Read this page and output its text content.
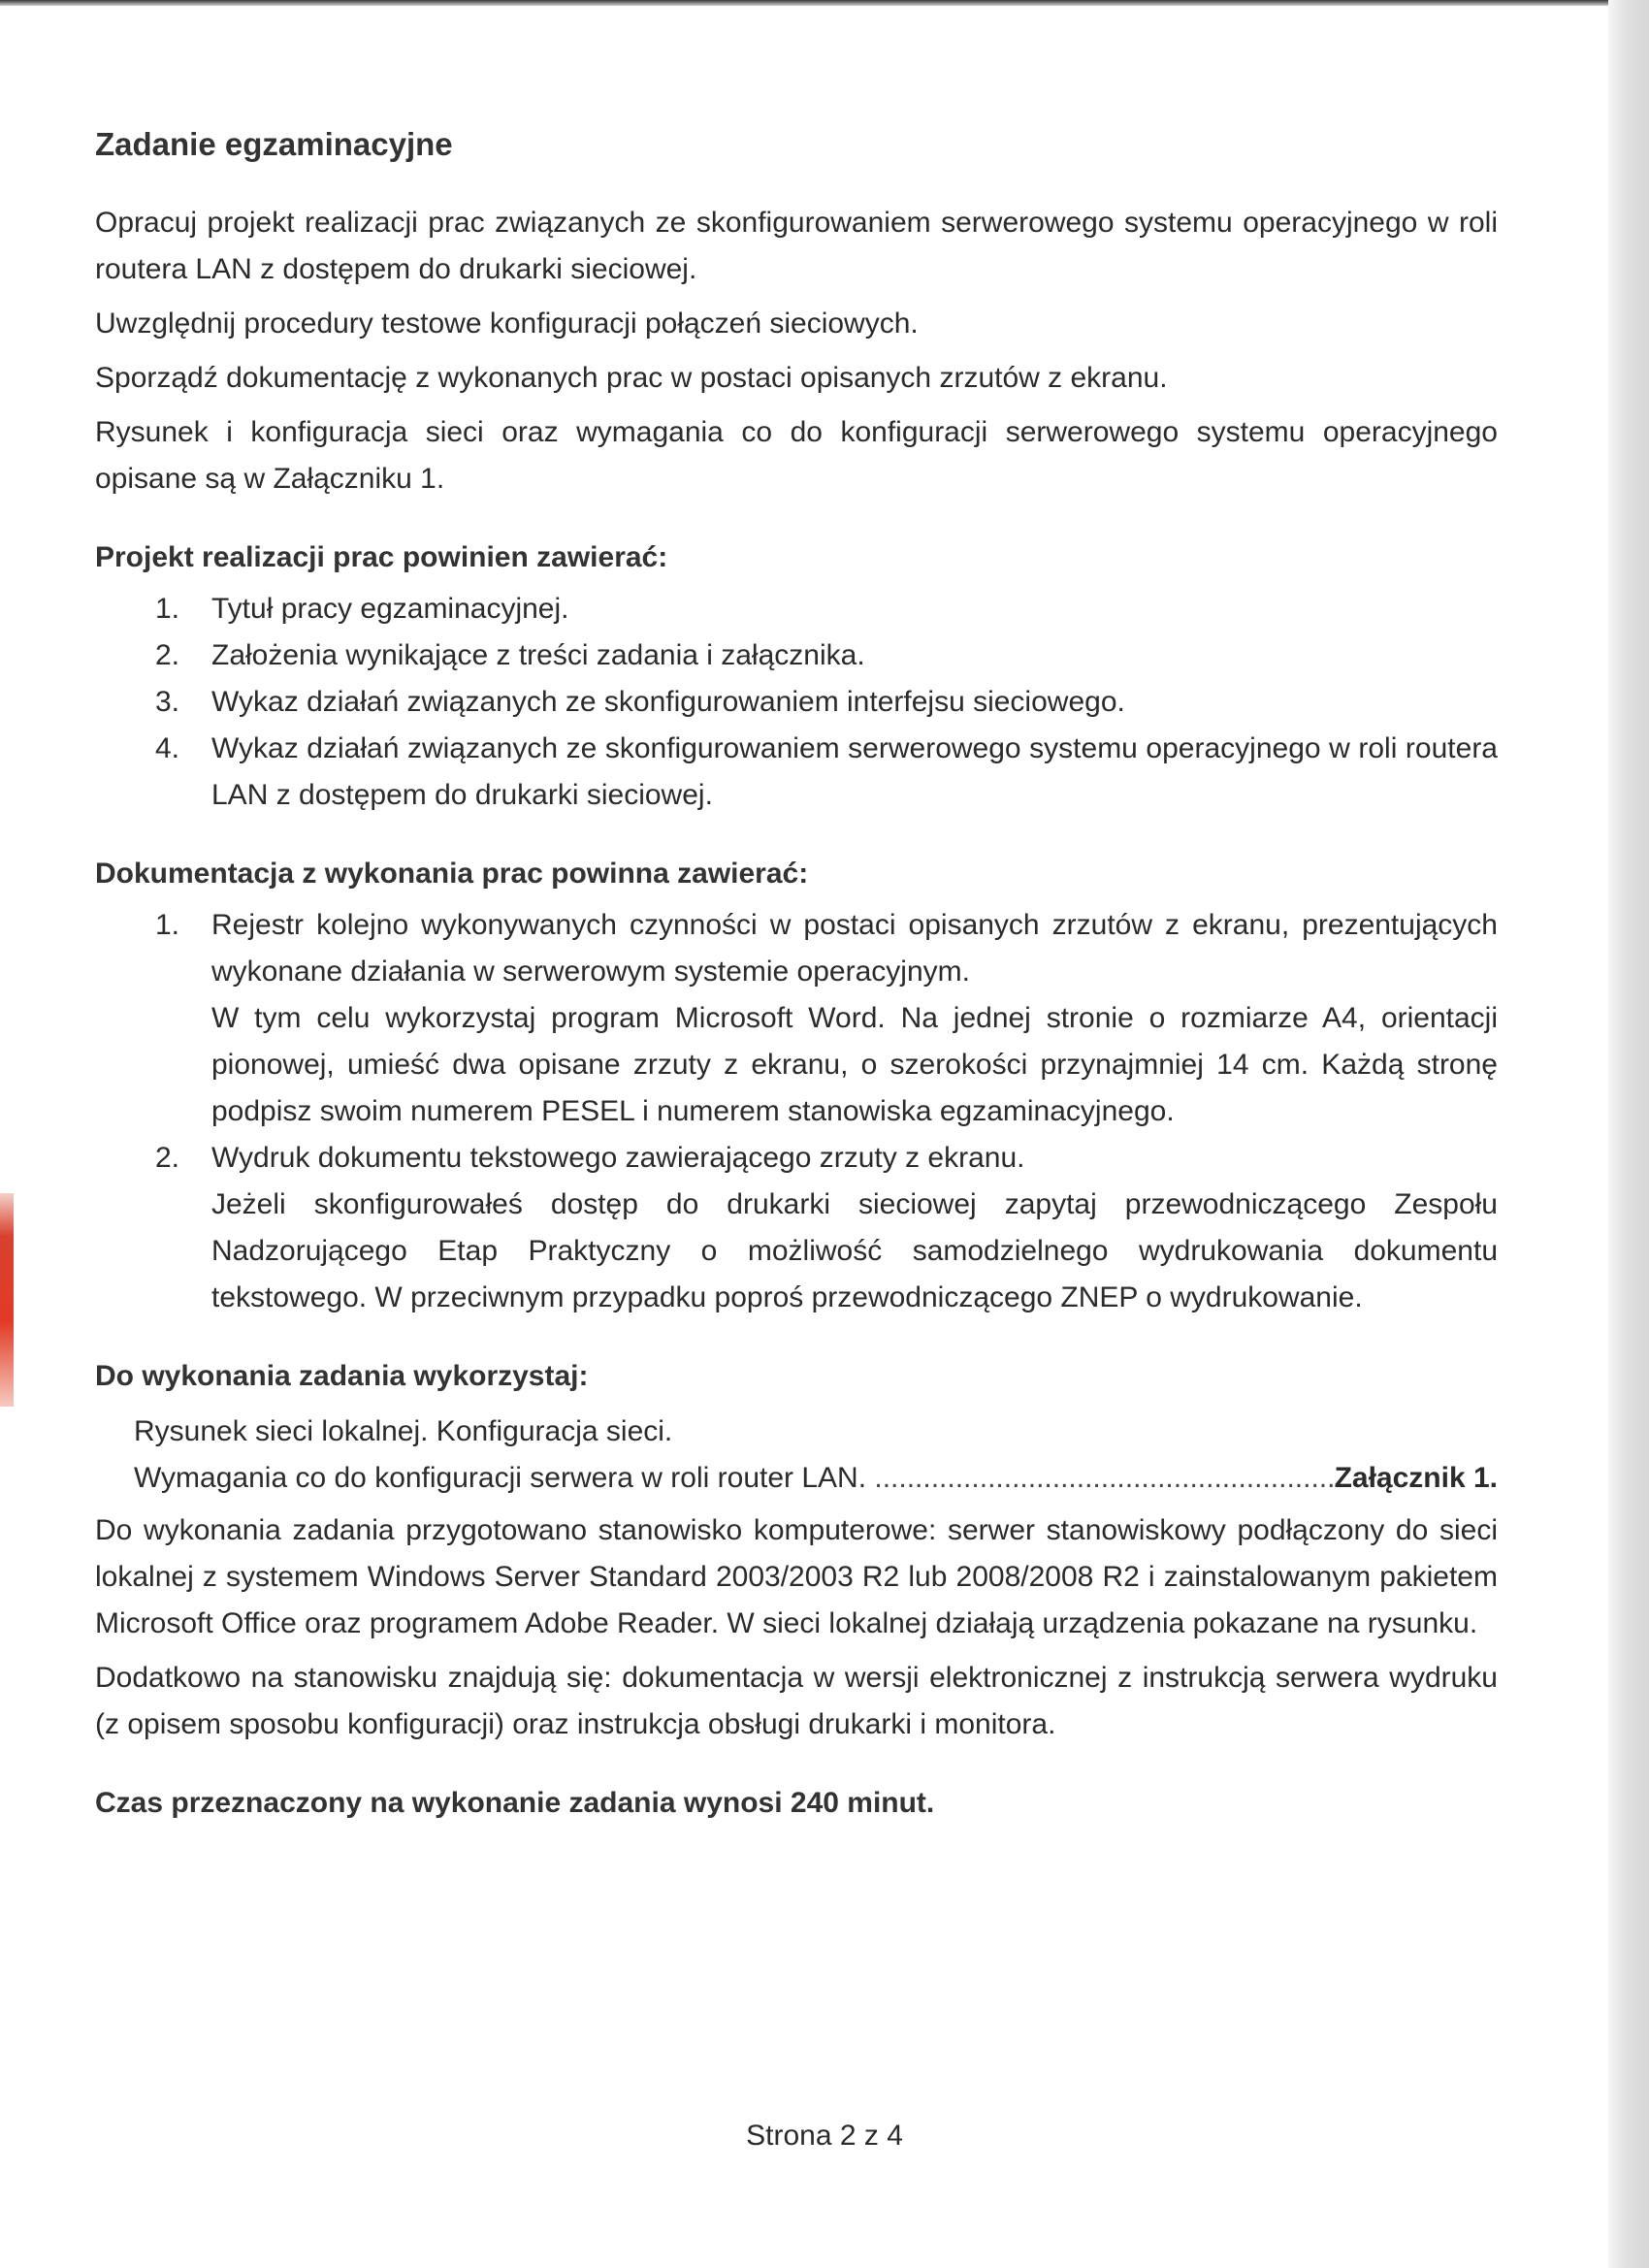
Zadanie egzaminacyjne

Opracuj projekt realizacji prac związanych ze skonfigurowaniem serwerowego systemu operacyjnego w roli routera LAN z dostępem do drukarki sieciowej.

Uwzględnij procedury testowe konfiguracji połączeń sieciowych.

Sporządź dokumentację z wykonanych prac w postaci opisanych zrzutów z ekranu.

Rysunek i konfiguracja sieci oraz wymagania co do konfiguracji serwerowego systemu operacyjnego opisane są w Załączniku 1.

Projekt realizacji prac powinien zawierać:
1. Tytuł pracy egzaminacyjnej.
2. Założenia wynikające z treści zadania i załącznika.
3. Wykaz działań związanych ze skonfigurowaniem interfejsu sieciowego.
4. Wykaz działań związanych ze skonfigurowaniem serwerowego systemu operacyjnego w roli routera LAN z dostępem do drukarki sieciowej.
Dokumentacja z wykonania prac powinna zawierać:
1. Rejestr kolejno wykonywanych czynności w postaci opisanych zrzutów z ekranu, prezentujących wykonane działania w serwerowym systemie operacyjnym.
W tym celu wykorzystaj program Microsoft Word. Na jednej stronie o rozmiarze A4, orientacji pionowej, umieść dwa opisane zrzuty z ekranu, o szerokości przynajmniej 14 cm. Każdą stronę podpisz swoim numerem PESEL i numerem stanowiska egzaminacyjnego.
2. Wydruk dokumentu tekstowego zawierającego zrzuty z ekranu.
Jeżeli skonfigurowałeś dostęp do drukarki sieciowej zapytaj przewodniczącego Zespołu Nadzorującego Etap Praktyczny o możliwość samodzielnego wydrukowania dokumentu tekstowego. W przeciwnym przypadku poproś przewodniczącego ZNEP o wydrukowanie.
Do wykonania zadania wykorzystaj:
Rysunek sieci lokalnej. Konfiguracja sieci.
Wymagania co do konfiguracji serwera w roli router LAN.
.....	Załącznik 1.

Do wykonania zadania przygotowano stanowisko komputerowe: serwer stanowiskowy podłączony do sieci lokalnej z systemem Windows Server Standard 2003/2003 R2 lub 2008/2008 R2 i zainstalowanym pakietem Microsoft Office oraz programem Adobe Reader. W sieci lokalnej działają urządzenia pokazane na rysunku.

Dodatkowo na stanowisku znajdują się: dokumentacja w wersji elektronicznej z instrukcją serwera wydruku (z opisem sposobu konfiguracji) oraz instrukcja obsługi drukarki i monitora.

Czas przeznaczony na wykonanie zadania wynosi 240 minut.
Strona 2 z 4
